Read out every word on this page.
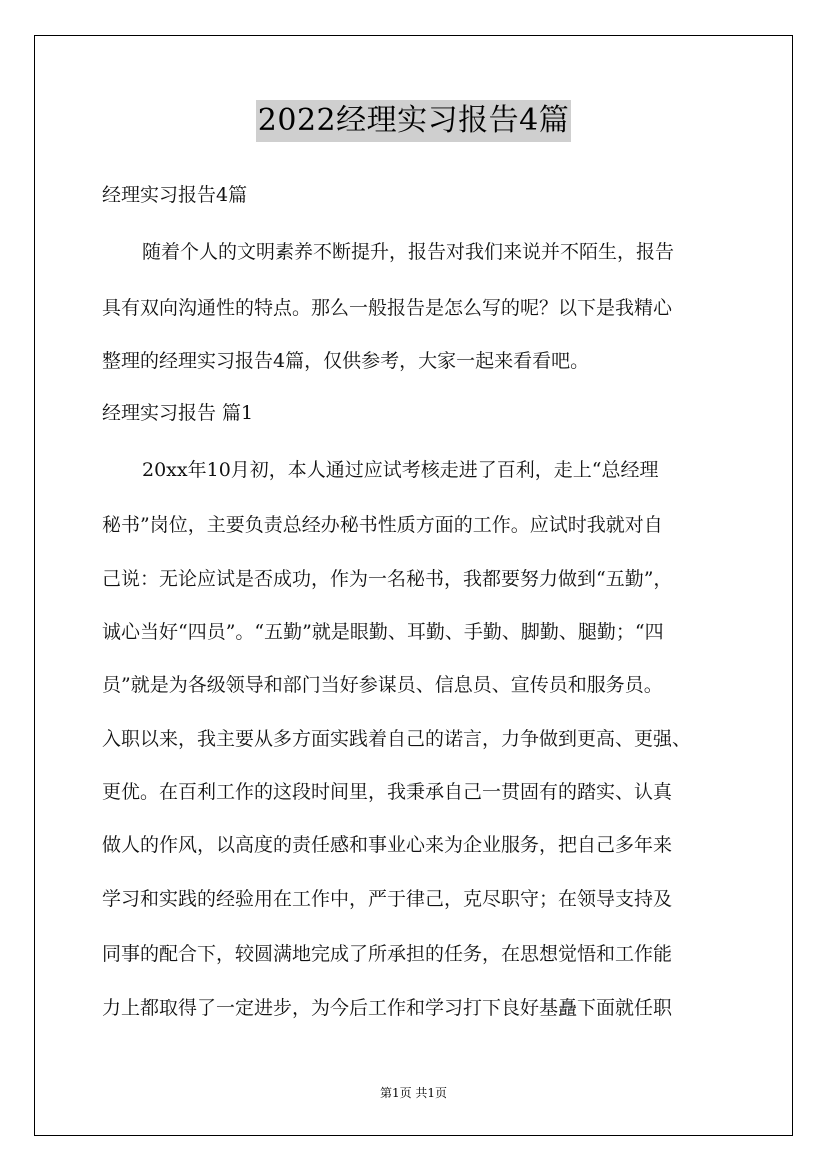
2022经理实习报告4篇
经理实习报告4篇
随着个人的文明素养不断提升，报告对我们来说并不陌生，报告
具有双向沟通性的特点。那么一般报告是怎么写的呢？以下是我精心
整理的经理实习报告4篇，仅供参考，大家一起来看看吧。
经理实习报告 篇1
20xx年10月初，本人通过应试考核走进了百利，走上“总经理
秘书”岗位，主要负责总经办秘书性质方面的工作。应试时我就对自
己说：无论应试是否成功，作为一名秘书，我都要努力做到“五勤”，
诚心当好“四员”。“五勤”就是眼勤、耳勤、手勤、脚勤、腿勤；“四
员”就是为各级领导和部门当好参谋员、信息员、宣传员和服务员。
入职以来，我主要从多方面实践着自己的诺言，力争做到更高、更强、
更优。在百利工作的这段时间里，我秉承自己一贯固有的踏实、认真
做人的作风，以高度的责任感和事业心来为企业服务，把自己多年来
学习和实践的经验用在工作中，严于律己，克尽职守；在领导支持及
同事的配合下，较圆满地完成了所承担的任务，在思想觉悟和工作能
力上都取得了一定进步，为今后工作和学习打下良好基矗下面就任职
第1页 共1页
